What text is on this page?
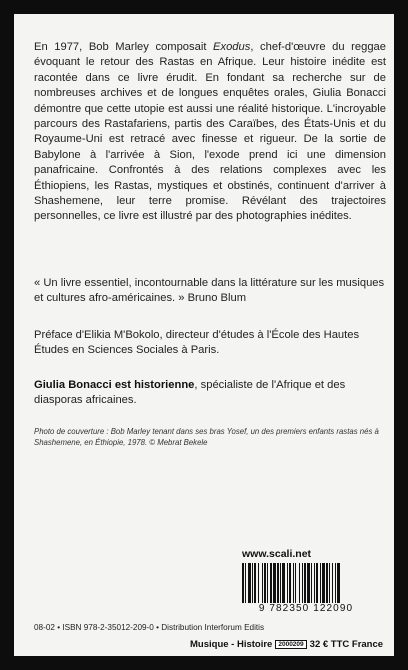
En 1977, Bob Marley composait Exodus, chef-d'œuvre du reggae évoquant le retour des Rastas en Afrique. Leur histoire inédite est racontée dans ce livre érudit. En fondant sa recherche sur de nombreuses archives et de longues enquêtes orales, Giulia Bonacci démontre que cette utopie est aussi une réalité historique. L'incroyable parcours des Rastafariens, partis des Caraïbes, des États-Unis et du Royaume-Uni est retracé avec finesse et rigueur. De la sortie de Babylone à l'arrivée à Sion, l'exode prend ici une dimension panafricaine. Confrontés à des relations complexes avec les Éthiopiens, les Rastas, mystiques et obstinés, continuent d'arriver à Shashemene, leur terre promise. Révélant des trajectoires personnelles, ce livre est illustré par des photographies inédites.

« Un livre essentiel, incontournable dans la littérature sur les musiques et cultures afro-américaines. » Bruno Blum

Préface d'Elikia M'Bokolo, directeur d'études à l'École des Hautes Études en Sciences Sociales à Paris.

Giulia Bonacci est historienne, spécialiste de l'Afrique et des diasporas africaines.

Photo de couverture : Bob Marley tenant dans ses bras Yosef, un des premiers enfants rastas nés à Shashemene, en Éthiopie, 1978. © Mebrat Bekele

www.scali.net
9 782350 122090
08-02 • ISBN 978-2-35012-209-0 • Distribution Interforum Editis
Musique - Histoire 2000209 32 € TTC France
